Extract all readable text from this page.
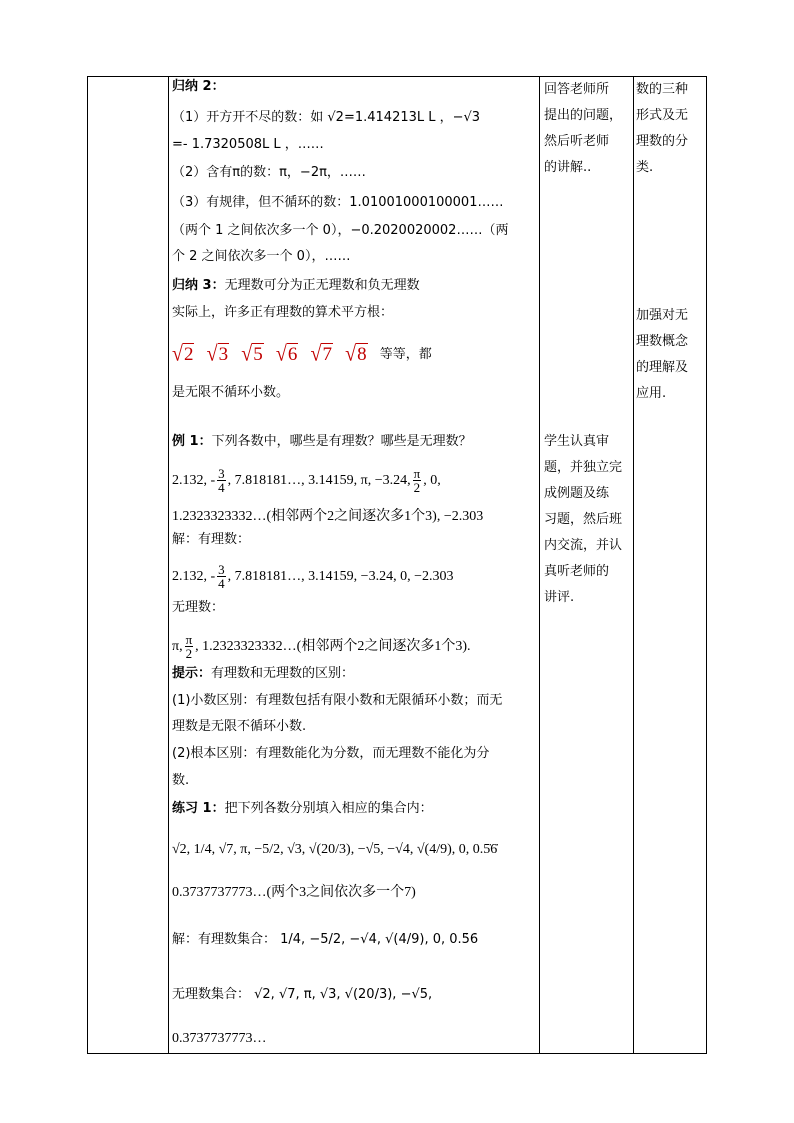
归纳 2：
（1）开方开不尽的数：如 √2=1.414213L L ，−√3
=- 1.7320508L L ，……
（2）含有π的数：π，−2π，……
（3）有规律，但不循环的数：1.01001000100001……
（两个 1 之间依次多一个 0），−0.2020020002……（两
个 2 之间依次多一个 0），……
归纳 3：无理数可分为正无理数和负无理数
实际上，许多正有理数的算术平方根：
√2 √3 √5 √6 √7 √8 等等，都
是无限不循环小数。
例 1：下列各数中，哪些是有理数？哪些是无理数？
2.132, - $\frac{3}{4}$ , 7.818181…, 3.14159, π, −3.24, $\frac{\pi}{2}$ , 0,
1.2323323332…(相邻两个2之间逐次多1个3), −2.303
解：有理数：
2.132, - $\frac{3}{4}$ , 7.818181…, 3.14159, −3.24, 0, −2.303
无理数：
π, $\frac{\pi}{2}$ , 1.2323323332…(相邻两个2之间逐次多1个3).
提示：有理数和无理数的区别：
(1)小数区别：有理数包括有限小数和无限循环小数；而无
理数是无限不循环小数.
(2)根本区别：有理数能化为分数，而无理数不能化为分
数.
练习 1：把下列各数分别填入相应的集合内：
√2, 1/4, √7, π, −5/2, √3, √(20/3), −√5, −√4, √(4/9), 0, 0.5̇6̇
0.3737737773…(两个3之间依次多一个7)
解：有理数集合： 1/4, −5/2, −√4, √(4/9), 0, 0.5̇6̇
无理数集合： √2, √7, π, √3, √(20/3), −√5,
0.3737737773…
回答老师所
提出的问题，
然后听老师
的讲解..
学生认真审
题，并独立完
成例题及练
习题，然后班
内交流，并认
真听老师的
讲评.
数的三种
形式及无
理数的分
类.
加强对无
理数概念
的理解及
应用.
